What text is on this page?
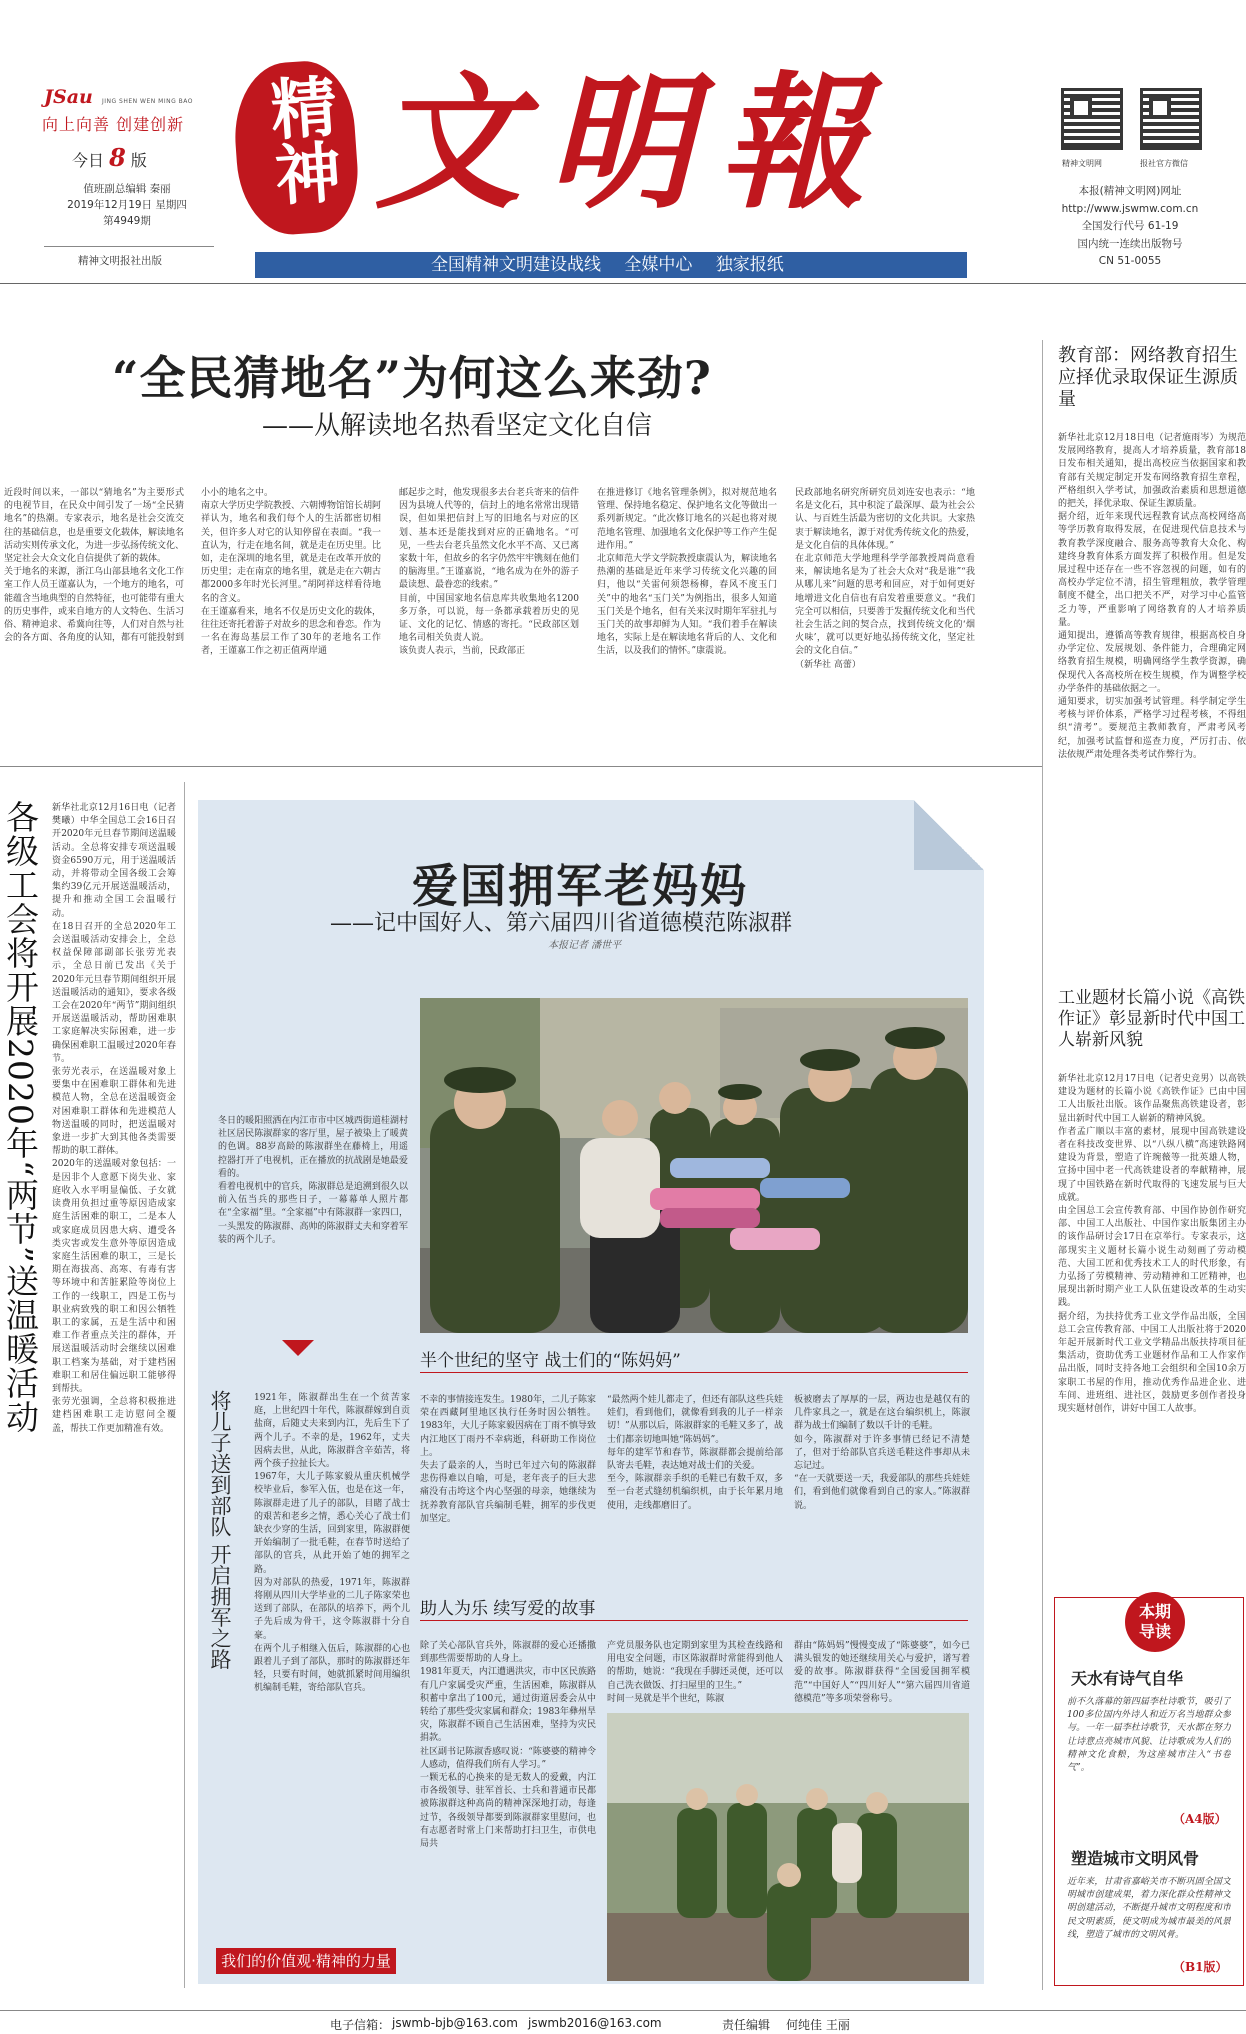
JSau JING SHEN WEN MING BAO
向上向善 创建创新
今日 8 版
值班副总编辑 秦丽
2019年12月19日 星期四
第4949期
精神文明报社出版
精神 文明報
全国精神文明建设战线 全媒中心 独家报纸
精神文明网	报社官方微信
本报(精神文明网)网址
http://www.jswmw.com.cn
全国发行代号 61-19
国内统一连续出版物号
CN 51-0055
“全民猜地名”为何这么来劲?
——从解读地名热看坚定文化自信
近段时间以来，一部以“猜地名”为主要形式的电视节目，在民众中间引发了一场“全民猜地名”的热潮。专家表示，地名是社会交流交往的基础信息，也是重要文化载体，解读地名活动实则传承文化，为进一步弘扬传统文化、坚定社会大众文化自信提供了新的载体。
关于地名的来源，浙江乌山部县地名文化工作室工作人员王谨嘉认为，一个地方的地名，可能蕴含当地典型的自然特征，也可能带有重大的历史事件，或来自地方的人文特色、生活习俗、精神追求、希冀向往等，人们对自然与社会的各方面、各角度的认知，都有可能投射到
小小的地名之中。
南京大学历史学院教授、六朝博物馆馆长胡阿祥认为，地名和我们每个人的生活都密切相关，但许多人对它的认知停留在表面。“我一直认为，行走在地名间，就是走在历史里。比如，走在深圳的地名里，就是走在改革开放的历史里；走在南京的地名里，就是走在六朝古都2000多年时光长河里。”胡阿祥这样看待地名的含义。
在王谨嘉看来，地名不仅是历史文化的载体，往往还寄托着游子对故乡的思念和眷恋。作为一名在海岛基层工作了30年的老地名工作者，王谨嘉工作之初正值两岸通
邮起步之时，他发现很多去台老兵寄来的信件因为县境人代等的，信封上的地名常常出现错误，但如果把信封上写的旧地名与对应的区划、基本还是能找到对应的正确地名。“可见，一些去台老兵虽然文化水平不高、又已离家数十年，但故乡的名字仍然牢牢镌刻在他们的脑海里。”王谨嘉说，“地名成为在外的游子最读想、最眷恋的线索。”
目前，中国国家地名信息库共收集地名1200多万条，可以说，每一条都承载着历史的见证、文化的记忆、情感的寄托。“民政部区划地名司相关负责人说。
该负责人表示，当前，民政部正
在推进修订《地名管理条例》，拟对规范地名管理、保持地名稳定、保护地名文化等做出一系列新规定。“此次修订地名的兴起也将对规范地名管理、加强地名文化保护等工作产生促进作用。”
北京师范大学文学院教授康震认为，解读地名热潮的基础是近年来学习传统文化兴趣的回归，他以“关雷何须怨杨柳，春风不度玉门关”中的地名“玉门关”为例指出，很多人知道玉门关是个地名，但有关来汉时期年军驻扎与玉门关的故事却鲜为人知。“我们着手在解读地名，实际上是在解读地名背后的人、文化和生活，以及我们的情怀。”康震说。
民政部地名研究所研究员刘连安也表示：“地名是文化石，其中积淀了最深厚、最为社会公认、与百姓生活最为密切的文化共识。大家热衷于解读地名，源于对优秀传统文化的热爱，是文化自信的具体体现。”
在北京师范大学地理科学学部教授周尚意看来，解读地名是为了社会大众对“我是谁”“我从哪儿来”问题的思考和回应，对于如何更好地增进文化自信也有启发着重要意义。“我们完全可以相信，只要善于发掘传统文化和当代社会生活之间的契合点，找到传统文化的‘烟火味’，就可以更好地弘扬传统文化，坚定社会的文化自信。”
（新华社 高蕾）
教育部：网络教育招生应择优录取保证生源质量
新华社北京12月18日电（记者施雨岑）为规范发展网络教育，提高人才培养质量，教育部18日发布相关通知，提出高校应当依据国家和教育部有关规定制定开发布网络教育招生章程，严格组织入学考试，加强政治素质和思想道德的把关，择优录取、保证生源质量。
据介绍，近年来现代远程教育试点高校网络高等学历教育取得发展，在促进现代信息技术与教育教学深度融合、服务高等教育大众化、构建终身教育体系方面发挥了积极作用。但是发展过程中还存在一些不容忽视的问题，如有的高校办学定位不清，招生管理粗放，教学管理制度不健全，出口把关不严，对学习中心监管乏力等，严重影响了网络教育的人才培养质量。
通知提出，遵循高等教育规律，根据高校自身办学定位、发展规划、条件能力，合理确定网络教育招生规模，明确网络学生教学资源，确保现代入各高校所在校生规模，作为调整学校办学条件的基础依据之一。
通知要求，切实加强考试管理。科学制定学生考核与评价体系，严格学习过程考核，不得组织“清考”。要规范主教师教育，严肃考风考纪，加强考试监督和巡查力度，严厉打击、依法依规严肃处理各类考试作弊行为。
工业题材长篇小说《高铁作证》彰显新时代中国工人崭新风貌
新华社北京12月17日电（记者史竞男）以高铁建设为题材的长篇小说《高铁作证》已由中国工人出版社出版。该作品聚焦高铁建设者，彰显出新时代中国工人崭新的精神风貌。
作者孟广顺以丰富的素材，展现中国高铁建设者在科技改变世界、以“八纵八横”高速铁路网建设为背景，塑造了许琬薇等一批英雄人物，宣扬中国中老一代高铁建设者的奉献精神，展现了中国铁路在新时代取得的飞速发展与巨大成就。
由全国总工会宣传教育部、中国作协创作研究部、中国工人出版社、中国作家出版集团主办的该作品研讨会17日在京举行。专家表示，这部现实主义题材长篇小说生动刻画了劳动模范、大国工匠和优秀技术工人的时代形象，有力弘扬了劳模精神、劳动精神和工匠精神，也展现出新时期产业工人队伍建设改革的生动实践。
据介绍，为扶持优秀工业文学作品出版，全国总工会宣传教育部、中国工人出版社将于2020年起开展新时代工业文学精品出版扶持项目征集活动，资助优秀工业题材作品和工人作家作品出版，同时支持各地工会组织和全国10余万家职工书屋的作用，推动优秀作品进企业、进车间、进班组、进社区，鼓励更多创作者投身现实题材创作，讲好中国工人故事。
本期
导读
天水有诗气自华
前不久落幕的第四届李杜诗歌节，吸引了100多位国内外诗人和近万名当地群众参与。一年一届李杜诗歌节，天水都在努力让诗意点亮城市风貌、让诗歌成为人们的精神文化食粮，为这座城市注入“书卷气”。
（A4版）
塑造城市文明风骨
近年来，甘肃省嘉峪关市不断巩固全国文明城市创建成果，着力深化群众性精神文明创建活动，不断提升城市文明程度和市民文明素质，使文明成为城市最美的风景线，塑造了城市的文明风骨。
（B1版）
各级工会将开展2020年“两节”送温暖活动 新华社北京12月16日电（记者樊曦）中华全国总工会16日召开2020年元旦春节期间送温暖活动。全总将安排专项送温暖资金6590万元，用于送温暖活动，并将带动全国各级工会筹集约39亿元开展送温暖活动，提升和推动全国工会温暖行动。
在18日召开的全总2020年工会送温暖活动安排会上，全总权益保障部副部长张劳光表示，全总日前已发出《关于2020年元旦春节期间组织开展送温暖活动的通知》，要求各级工会在2020年“两节”期间组织开展送温暖活动，帮助困难职工家庭解决实际困难，进一步确保困难职工温暖过2020年春节。
张劳光表示，在送温暖对象上要集中在困难职工群体和先进模范人物，全总在送温暖资金对困难职工群体和先进模范人物送温暖的同时，把送温暖对象进一步扩大到其他各类需要帮助的职工群体。
2020年的送温暖对象包括：一是因非个人意愿下岗失业、家庭收入水平明显偏低、子女就读费用负担过重等原因造成家庭生活困难的职工，二是本人或家庭成员因患大病、遭受各类灾害或发生意外等原因造成家庭生活困难的职工，三是长期在海拔高、高寒、有毒有害等环境中和苦脏累险等岗位上工作的一线职工，四是工伤与职业病致残的职工和因公牺牲职工的家属，五是生活中和困难工作者重点关注的群体，开展送温暖活动时会继续以困难职工档案为基础，对于建档困难职工和居住偏远职工能够得到帮扶。
张劳光强调，全总将积极推进建档困难职工走访慰问全覆盖，帮扶工作更加精准有效。
爱国拥军老妈妈
——记中国好人、第六届四川省道德模范陈淑群
本报记者 潘世平
冬日的暖阳照洒在内江市市中区城西街道桂湖村社区居民陈淑群家的客厅里，屋子被染上了暖黄的色调。88岁高龄的陈淑群坐在藤椅上，用遥控器打开了电视机，正在播放的抗战剧是她最爱看的。
看着电视机中的官兵，陈淑群总是追溯到很久以前入伍当兵的那些日子，一幕幕单人照片都在“全家福”里。“全家福”中有陈淑群一家四口，一头黑发的陈淑群、高帅的陈淑群丈夫和穿着军装的两个儿子。
半个世纪的坚守 战士们的“陈妈妈”
不幸的事情接连发生。1980年，二儿子陈家荣在西藏阿里地区执行任务时因公牺牲。1983年，大儿子陈家毅因病在丁雨不慎导致内江地区丁雨丹不幸病逝，科研助工作岗位上。
失去了最亲的人，当时已年过六旬的陈淑群悲伤得难以自喻，可是，老年丧子的巨大悲痛没有击垮这个内心坚强的母亲，她继续为抚养教育部队官兵编制毛鞋，拥军的步伐更加坚定。
“最然两个娃儿都走了，但还有部队这些兵娃娃们，看到他们，就像看到我的儿子一样亲切！”从那以后，陈淑群家的毛鞋又多了，战士们都亲切地叫她“陈妈妈”。
每年的建军节和春节，陈淑群都会提前给部队寄去毛鞋，表达她对战士们的关爱。
至今，陈淑群亲手织的毛鞋已有数千双，多至一台老式缝纫机编织机，由于长年累月地使用，走线都磨旧了。
板被磨去了厚厚的一层，两边也是越仅有的几件家具之一，就是在这台编织机上，陈淑群为战士们编制了数以千计的毛鞋。
如今，陈淑群对于许多事情已经记不清楚了，但对于给部队官兵送毛鞋这件事却从未忘记过。
“在一天就要送一天，我爱部队的那些兵娃娃们，看到他们就像看到自己的家人。”陈淑群说。
助人为乐 续写爱的故事
除了关心部队官兵外，陈淑群的爱心还播撒到那些需要帮助的人身上。
1981年夏天，内江遭遇洪灾，市中区民族路有几户家属受灾严重，生活困难，陈淑群从积蓄中拿出了100元，通过街道居委会从中转给了那些受灾家属和群众；1983年彝州旱灾，陈淑群不顾自己生活困难，坚持为灾民捐款。
社区副书记陈淑香感叹说：“陈婆婆的精神令人感动，值得我们所有人学习。”
一颗无私的心换来的是无数人的爱戴，内江市各级领导、驻军首长、士兵和普通市民都被陈淑群这种高尚的精神深深地打动，每逢过节，各级领导都要到陈淑群家里慰问，也有志愿者时常上门来帮助打扫卫生，市供电局共
产党员服务队也定期到家里为其检查线路和用电安全问题，市区陈淑群时常能得到他人的帮助，她说：“我现在手脚还灵便，还可以自己洗衣做饭、打扫屋里的卫生。”
时间一晃就是半个世纪，陈淑
群由“陈妈妈”慢慢变成了“陈婆婆”，如今已满头银发的她还继续用关心与爱护，谱写着爱的故事。陈淑群获得“全国爱国拥军模范”“中国好人”“四川好人”“第六届四川省道德模范”等多项荣誉称号。
将儿子送到部队 开启拥军之路 1921年，陈淑群出生在一个贫苦家庭，上世纪四十年代，陈淑群嫁到自贡盐商，后随丈夫来到内江，先后生下了两个儿子。不幸的是，1962年，丈夫因病去世，从此，陈淑群含辛茹苦，将两个孩子拉扯长大。
1967年，大儿子陈家毅从重庆机械学校毕业后，参军入伍，也是在这一年，陈淑群走进了儿子的部队，目睹了战士的艰苦和老乡之情，悉心关心了战士们缺衣少穿的生活，回到家里，陈淑群便开始编制了一批毛鞋，在春节时送给了部队的官兵，从此开始了她的拥军之路。
因为对部队的热爱，1971年，陈淑群将刚从四川大学毕业的二儿子陈家荣也送到了部队，在部队的培养下，两个儿子先后成为骨干，这令陈淑群十分自豪。
在两个儿子相继入伍后，陈淑群的心也跟着儿子到了部队，那时的陈淑群还年轻，只要有时间，她就抓紧时间用编织机编制毛鞋，寄给部队官兵。
我们的价值观·精神的力量
电子信箱： jswmb-bjb@163.com jswmb2016@163.com	责任编辑 何纯佳 王丽
